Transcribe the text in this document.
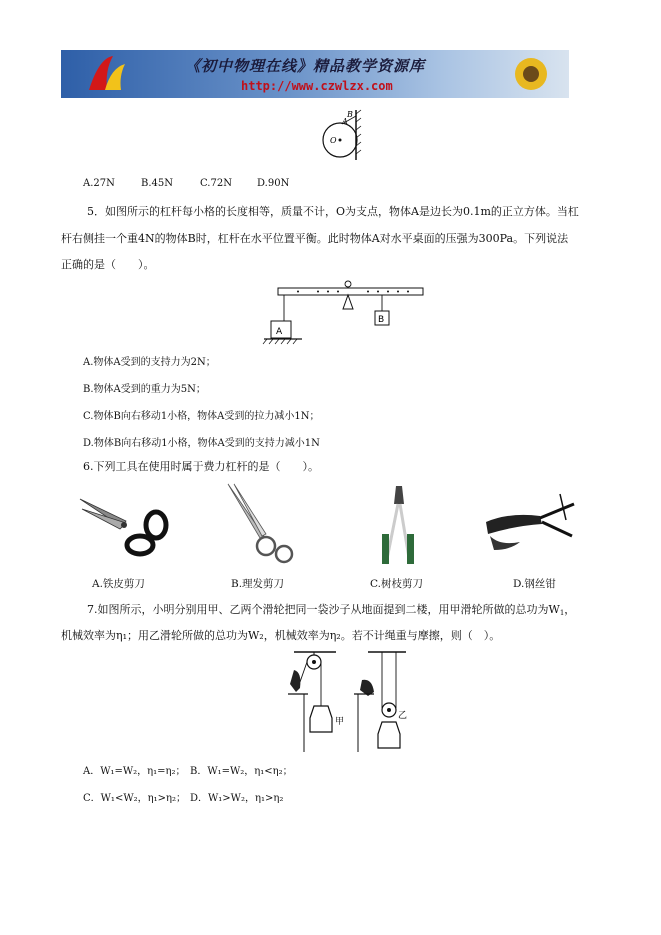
《初中物理在线》精品教学资源库
http://www.czwlzx.com
A
B
O
A.27N	B.45N	C.72N	D.90N
5．如图所示的杠杆每小格的长度相等，质量不计，O为支点，物体A是边长为0.1m的正立方体。当杠
杆右侧挂一个重4N的物体B时，杠杆在水平位置平衡。此时物体A对水平桌面的压强为300Pa。下列说法
正确的是（　　）。
A
B
A.物体A受到的支持力为2N；
B.物体A受到的重力为5N；
C.物体B向右移动1小格，物体A受到的拉力减小1N；
D.物体B向右移动1小格，物体A受到的支持力减小1N
6.下列工具在使用时属于费力杠杆的是（　　）。
A.铁皮剪刀	B.理发剪刀	C.树枝剪刀	D.钢丝钳
7.如图所示，小明分别用甲、乙两个滑轮把同一袋沙子从地面提到二楼，用甲滑轮所做的总功为$W_1$，
机械效率为η₁；用乙滑轮所做的总功为W₂，机械效率为η₂。若不计绳重与摩擦，则（　）。
甲
乙
A．W₁=W₂，η₁=η₂； B．W₁=W₂，η₁<η₂；
C．W₁<W₂，η₁>η₂； D．W₁>W₂，η₁>η₂
